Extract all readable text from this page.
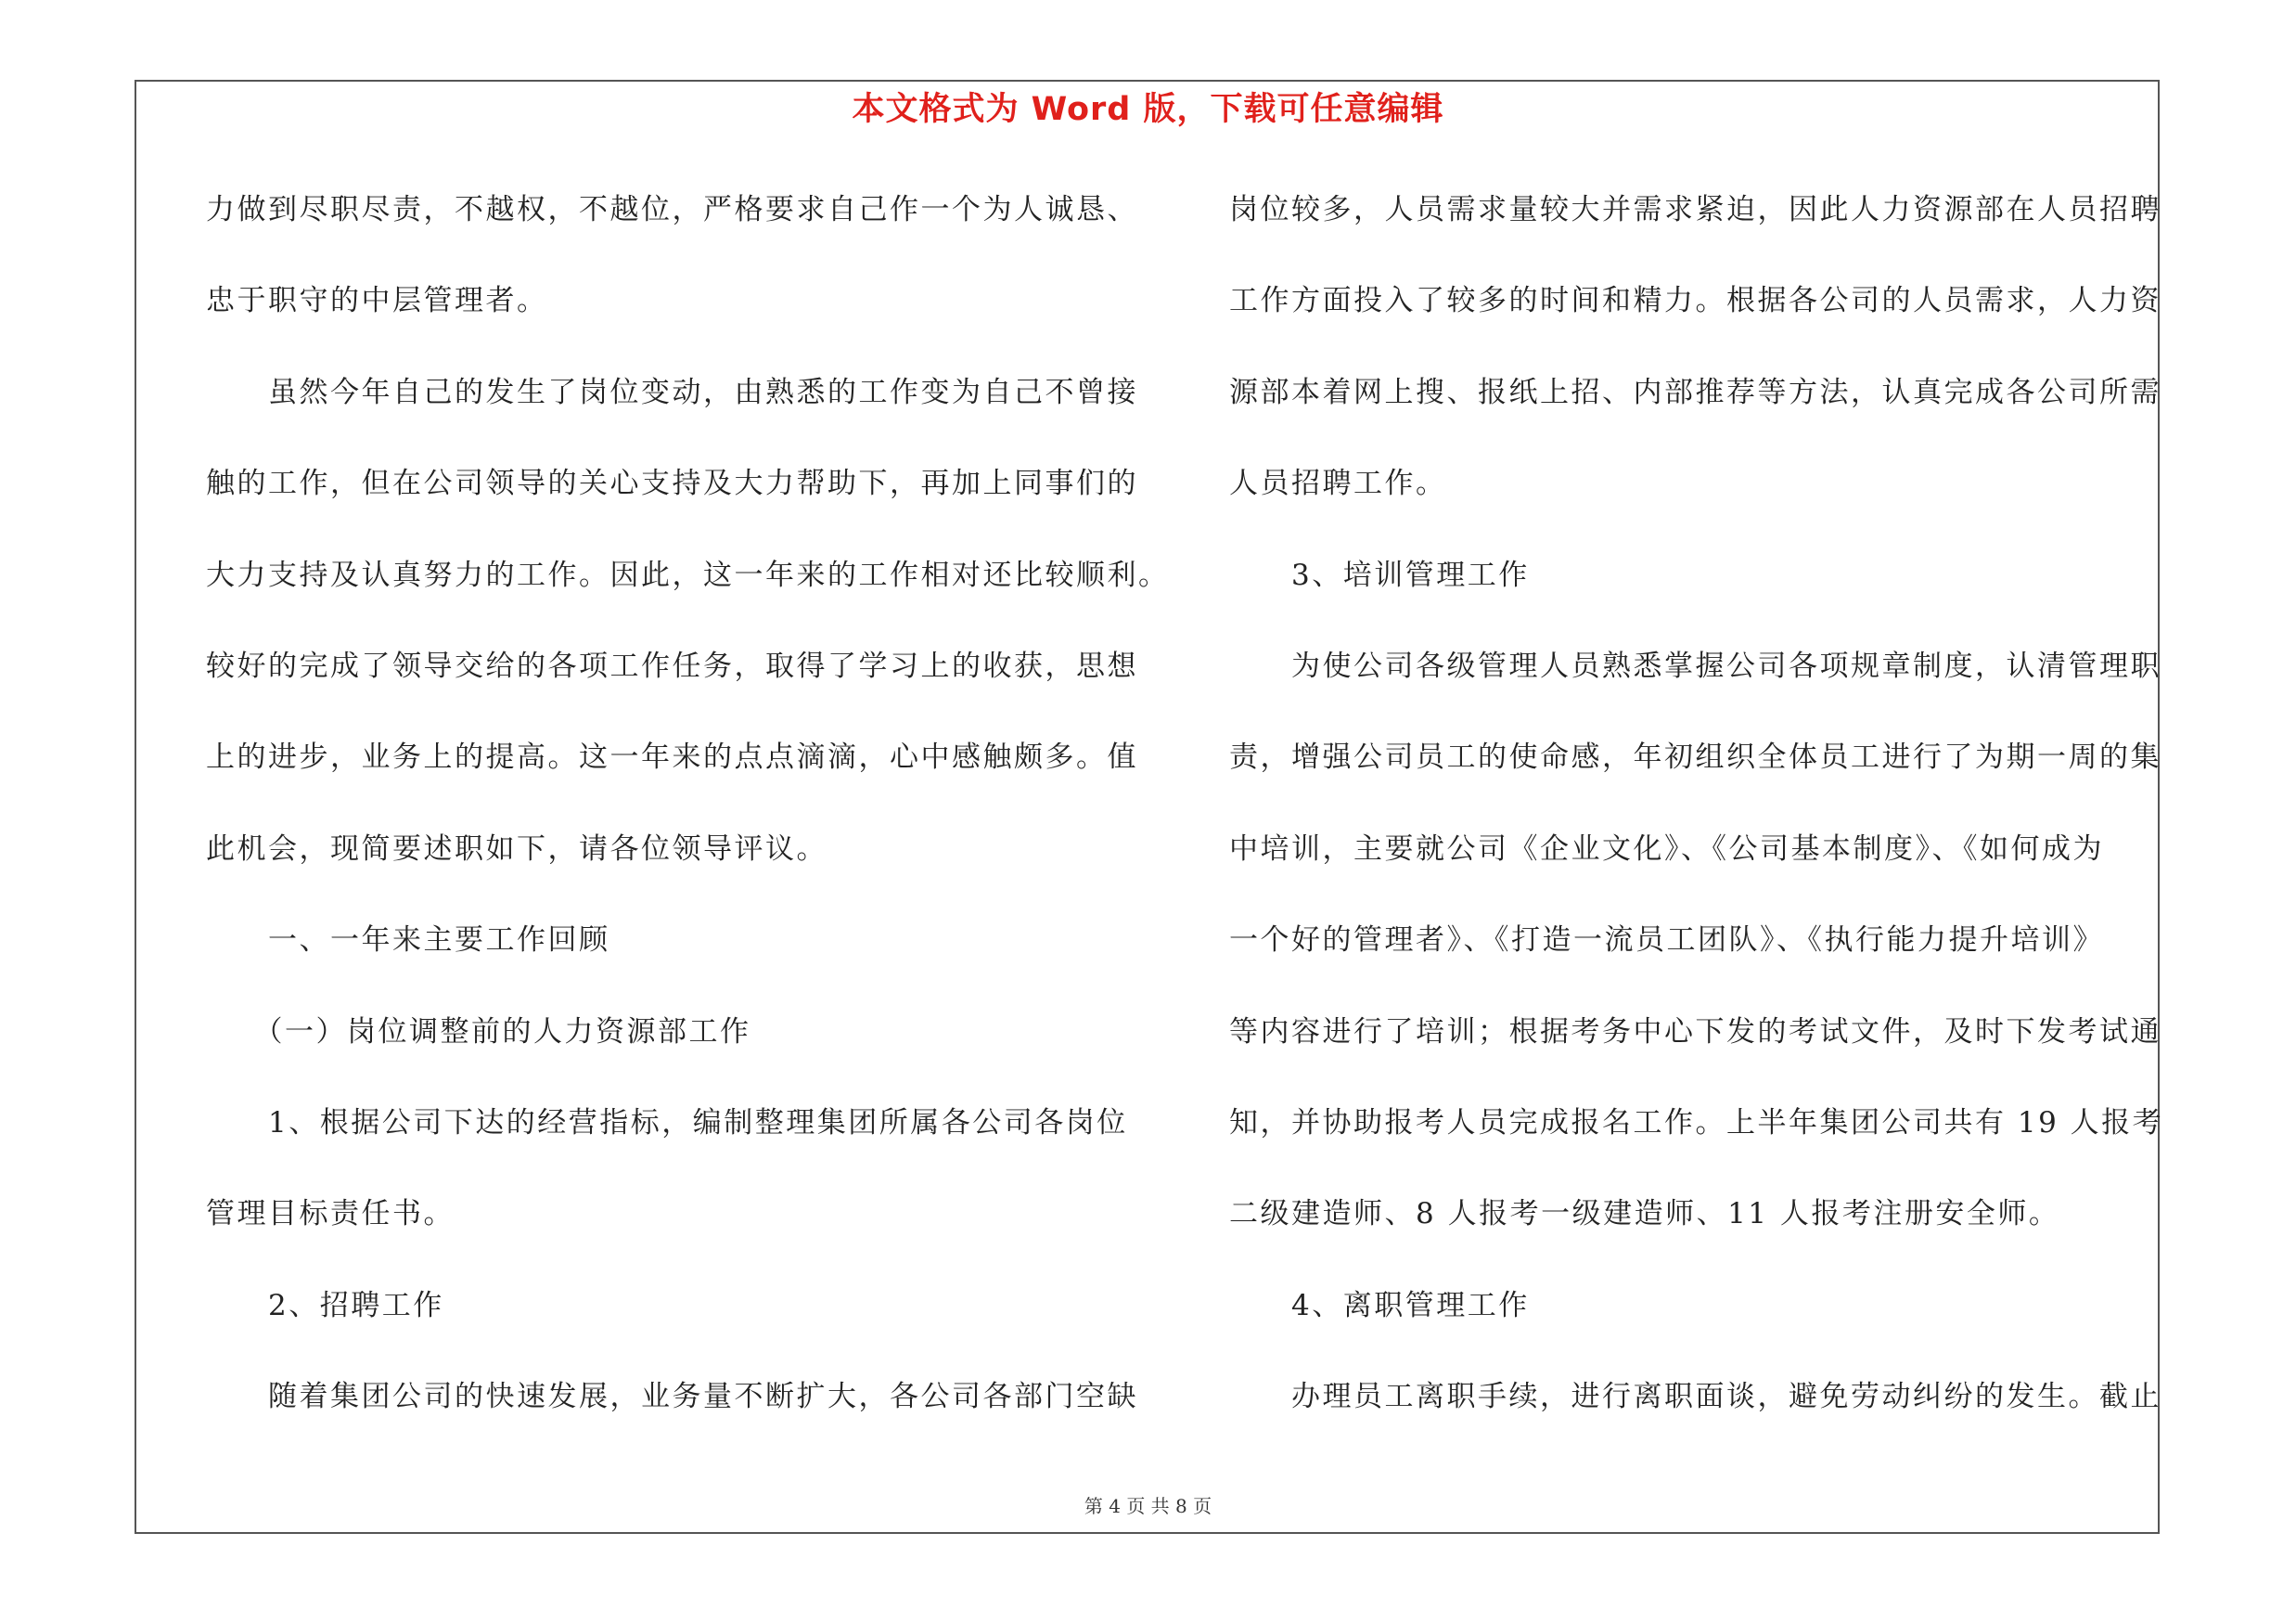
本文格式为 Word 版，下载可任意编辑
力做到尽职尽责，不越权，不越位，严格要求自己作一个为人诚恳、
忠于职守的中层管理者。
　　虽然今年自己的发生了岗位变动，由熟悉的工作变为自己不曾接
触的工作，但在公司领导的关心支持及大力帮助下，再加上同事们的
大力支持及认真努力的工作。因此，这一年来的工作相对还比较顺利。
较好的完成了领导交给的各项工作任务，取得了学习上的收获，思想
上的进步，业务上的提高。这一年来的点点滴滴，心中感触颇多。值
此机会，现简要述职如下，请各位领导评议。
　　一、一年来主要工作回顾
　　（一）岗位调整前的人力资源部工作
　　1、根据公司下达的经营指标，编制整理集团所属各公司各岗位
管理目标责任书。
　　2、招聘工作
　　随着集团公司的快速发展，业务量不断扩大，各公司各部门空缺
岗位较多，人员需求量较大并需求紧迫，因此人力资源部在人员招聘
工作方面投入了较多的时间和精力。根据各公司的人员需求，人力资
源部本着网上搜、报纸上招、内部推荐等方法，认真完成各公司所需
人员招聘工作。
　　3、培训管理工作
　　为使公司各级管理人员熟悉掌握公司各项规章制度，认清管理职
责，增强公司员工的使命感，年初组织全体员工进行了为期一周的集
中培训，主要就公司《企业文化》、《公司基本制度》、《如何成为
一个好的管理者》、《打造一流员工团队》、《执行能力提升培训》
等内容进行了培训；根据考务中心下发的考试文件，及时下发考试通
知，并协助报考人员完成报名工作。上半年集团公司共有 19 人报考
二级建造师、8 人报考一级建造师、11 人报考注册安全师。
　　4、离职管理工作
　　办理员工离职手续，进行离职面谈，避免劳动纠纷的发生。截止
第 4 页 共 8 页
